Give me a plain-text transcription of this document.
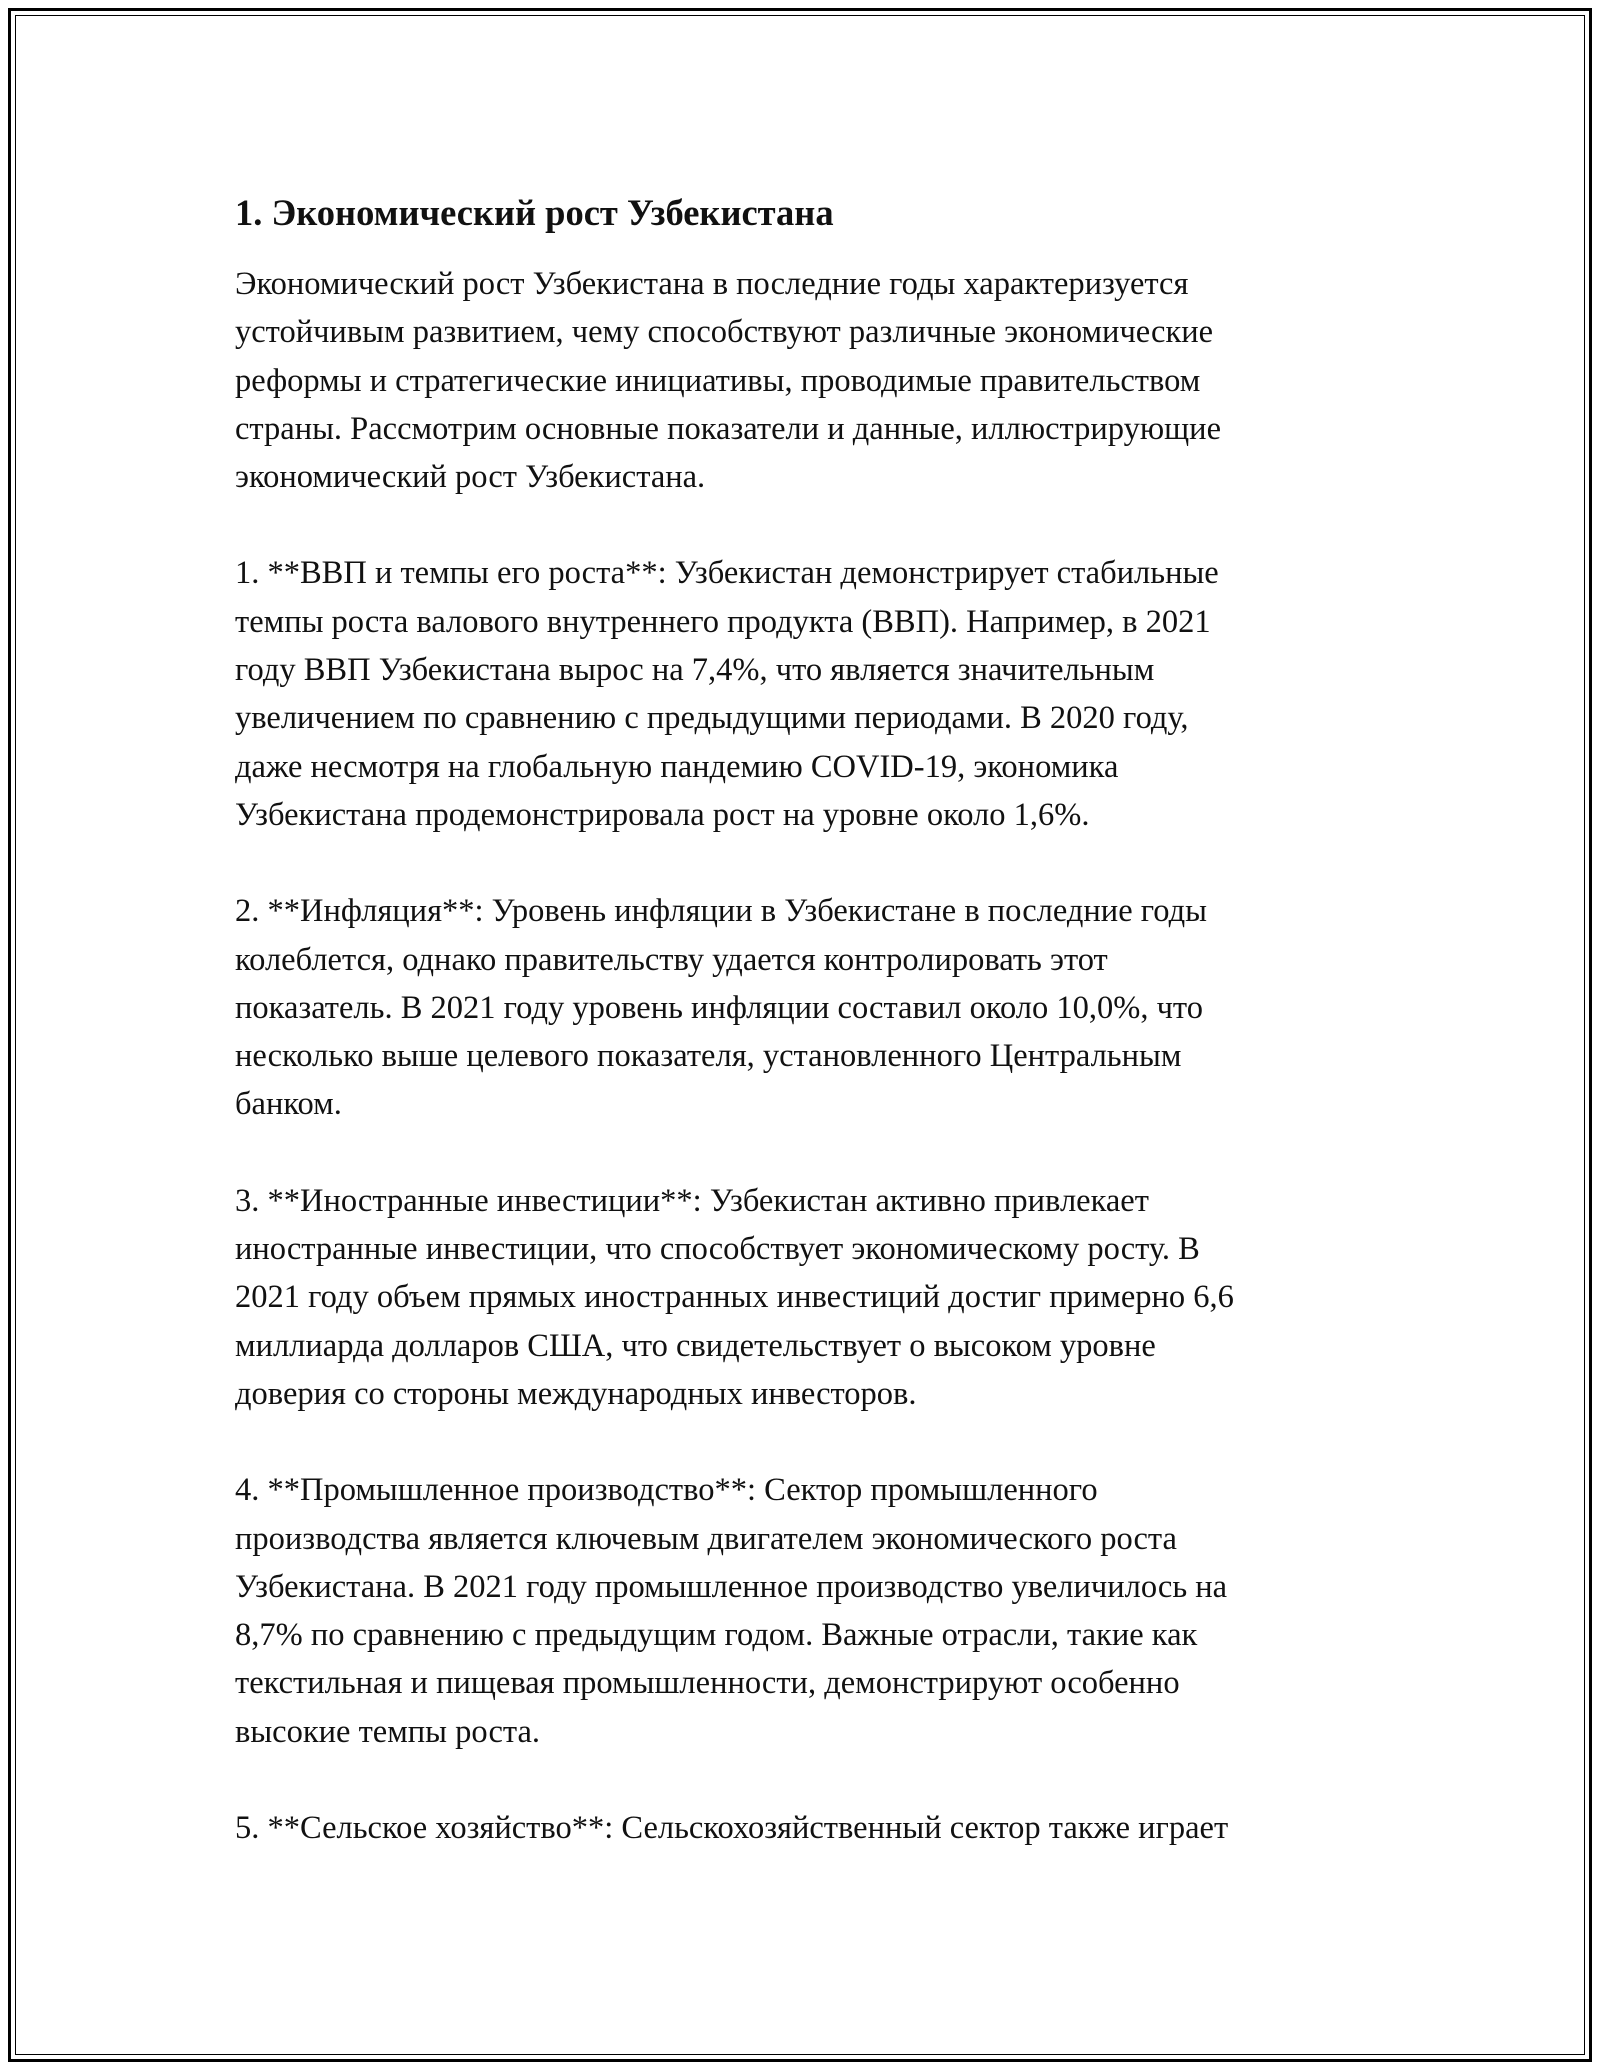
1. Экономический рост Узбекистана

Экономический рост Узбекистана в последние годы характеризуется
устойчивым развитием, чему способствуют различные экономические
реформы и стратегические инициативы, проводимые правительством
страны. Рассмотрим основные показатели и данные, иллюстрирующие
экономический рост Узбекистана.

1. **ВВП и темпы его роста**: Узбекистан демонстрирует стабильные
темпы роста валового внутреннего продукта (ВВП). Например, в 2021
году ВВП Узбекистана вырос на 7,4%, что является значительным
увеличением по сравнению с предыдущими периодами. В 2020 году,
даже несмотря на глобальную пандемию COVID-19, экономика
Узбекистана продемонстрировала рост на уровне около 1,6%.

2. **Инфляция**: Уровень инфляции в Узбекистане в последние годы
колеблется, однако правительству удается контролировать этот
показатель. В 2021 году уровень инфляции составил около 10,0%, что
несколько выше целевого показателя, установленного Центральным
банком.

3. **Иностранные инвестиции**: Узбекистан активно привлекает
иностранные инвестиции, что способствует экономическому росту. В
2021 году объем прямых иностранных инвестиций достиг примерно 6,6
миллиарда долларов США, что свидетельствует о высоком уровне
доверия со стороны международных инвесторов.

4. **Промышленное производство**: Сектор промышленного
производства является ключевым двигателем экономического роста
Узбекистана. В 2021 году промышленное производство увеличилось на
8,7% по сравнению с предыдущим годом. Важные отрасли, такие как
текстильная и пищевая промышленности, демонстрируют особенно
высокие темпы роста.

5. **Сельское хозяйство**: Сельскохозяйственный сектор также играет
